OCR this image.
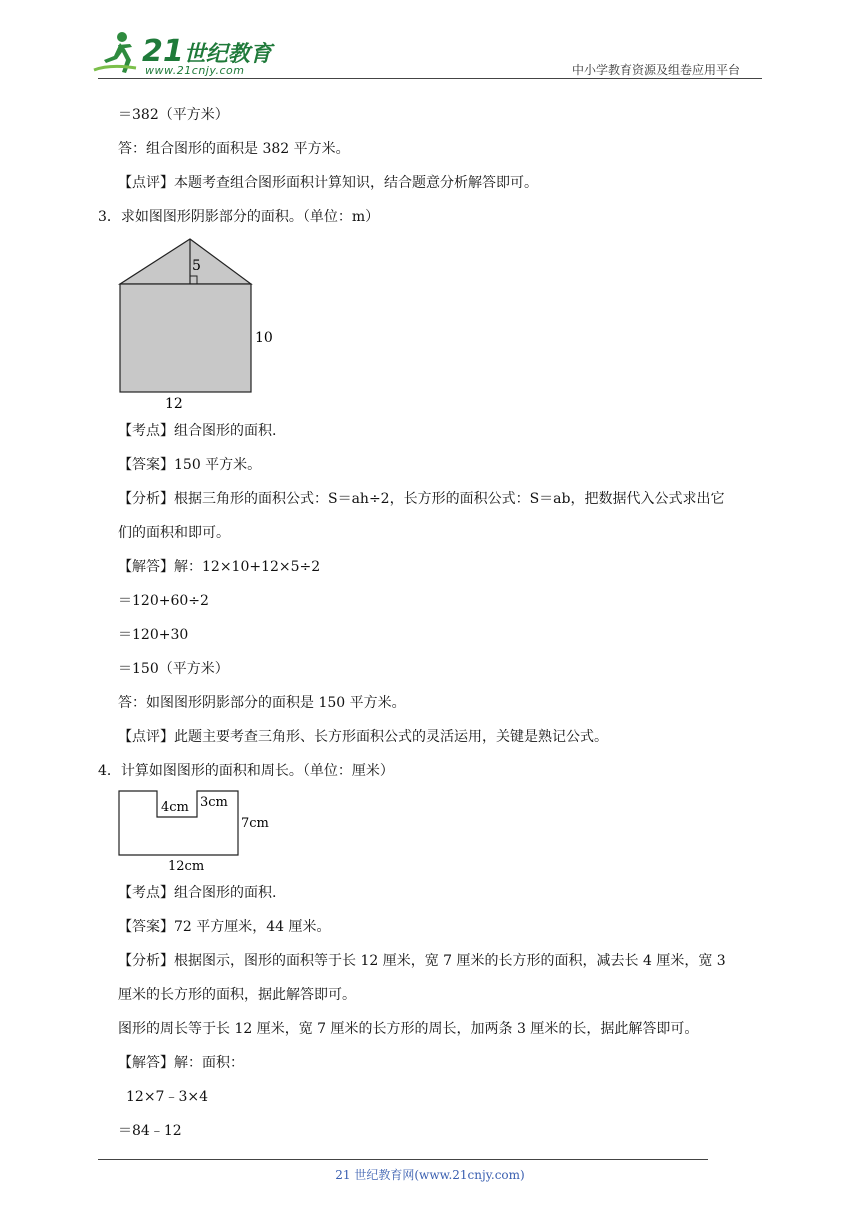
21世纪教育
www.21cnjy.com	中小学教育资源及组卷应用平台
＝382（平方米）
答：组合图形的面积是 382 平方米。
【点评】本题考查组合图形面积计算知识，结合题意分析解答即可。
3．求如图图形阴影部分的面积。（单位：m）
5
10
12
【考点】组合图形的面积.
【答案】150 平方米。
【分析】根据三角形的面积公式：S＝ah÷2，长方形的面积公式：S＝ab，把数据代入公式求出它
们的面积和即可。
【解答】解：12×10+12×5÷2
＝120+60÷2
＝120+30
＝150（平方米）
答：如图图形阴影部分的面积是 150 平方米。
【点评】此题主要考查三角形、长方形面积公式的灵活运用，关键是熟记公式。
4．计算如图图形的面积和周长。（单位：厘米）
4cm 3cm
7cm
12cm
【考点】组合图形的面积.
【答案】72 平方厘米，44 厘米。
【分析】根据图示，图形的面积等于长 12 厘米，宽 7 厘米的长方形的面积，减去长 4 厘米，宽 3
厘米的长方形的面积，据此解答即可。
图形的周长等于长 12 厘米，宽 7 厘米的长方形的周长，加两条 3 厘米的长，据此解答即可。
【解答】解：面积：
12×7﹣3×4
＝84﹣12
21 世纪教育网(www.21cnjy.com)
